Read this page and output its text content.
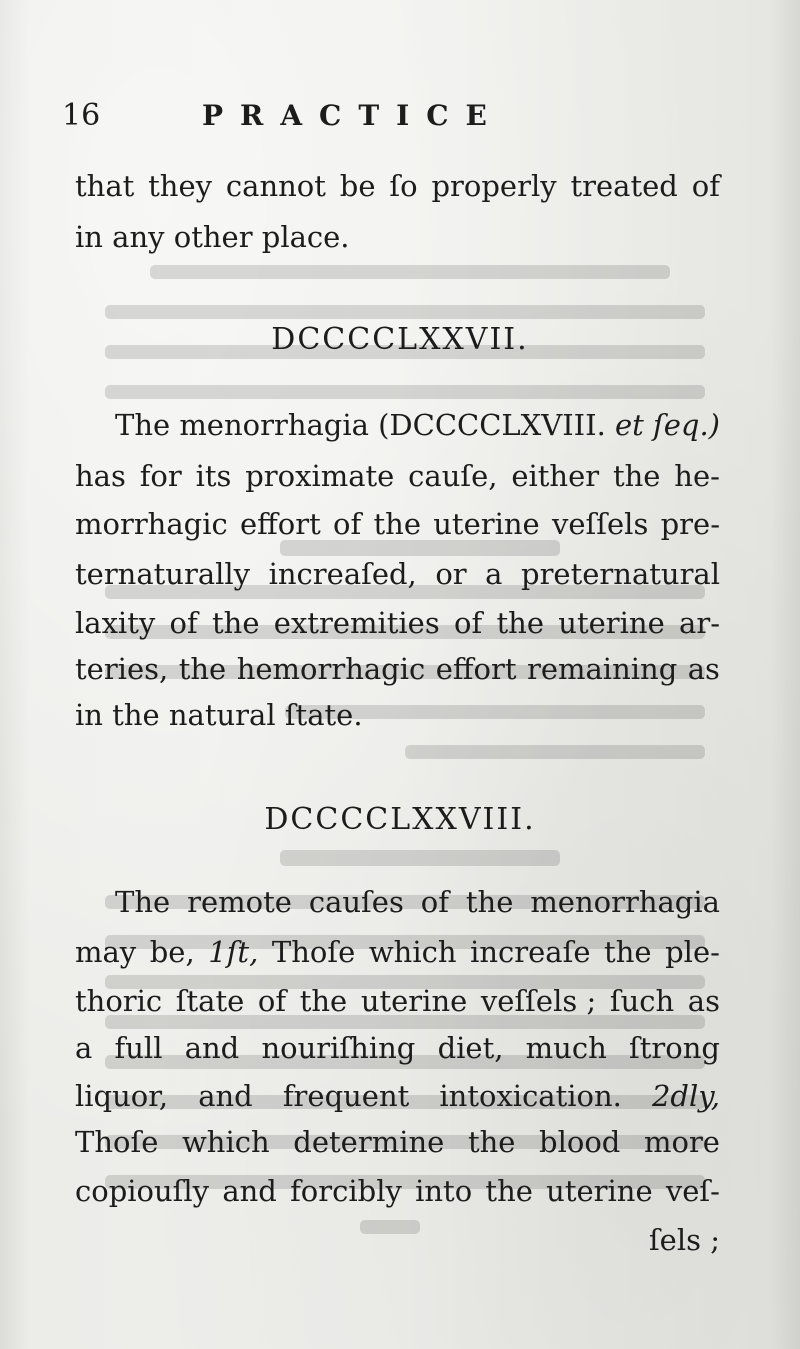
16	PRACTICE
that they cannot be ſo properly treated of
in any other place.
DCCCCLXXVII.
The menorrhagia (DCCCCLXVIII. et ſeq.)
has for its proximate cauſe, either the he-
morrhagic effort of the uterine veſſels pre-
ternaturally increaſed, or a preternatural
laxity of the extremities of the uterine ar-
teries, the hemorrhagic effort remaining as
in the natural ſtate.
DCCCCLXXVIII.
The remote cauſes of the menorrhagia
may be, 1ſt, Thoſe which increaſe the ple-
thoric ſtate of the uterine veſſels ; ſuch as
a full and nouriſhing diet, much ſtrong
liquor, and frequent intoxication. 2dly,
Thoſe which determine the blood more
copiouſly and forcibly into the uterine veſ-
ſels ;
